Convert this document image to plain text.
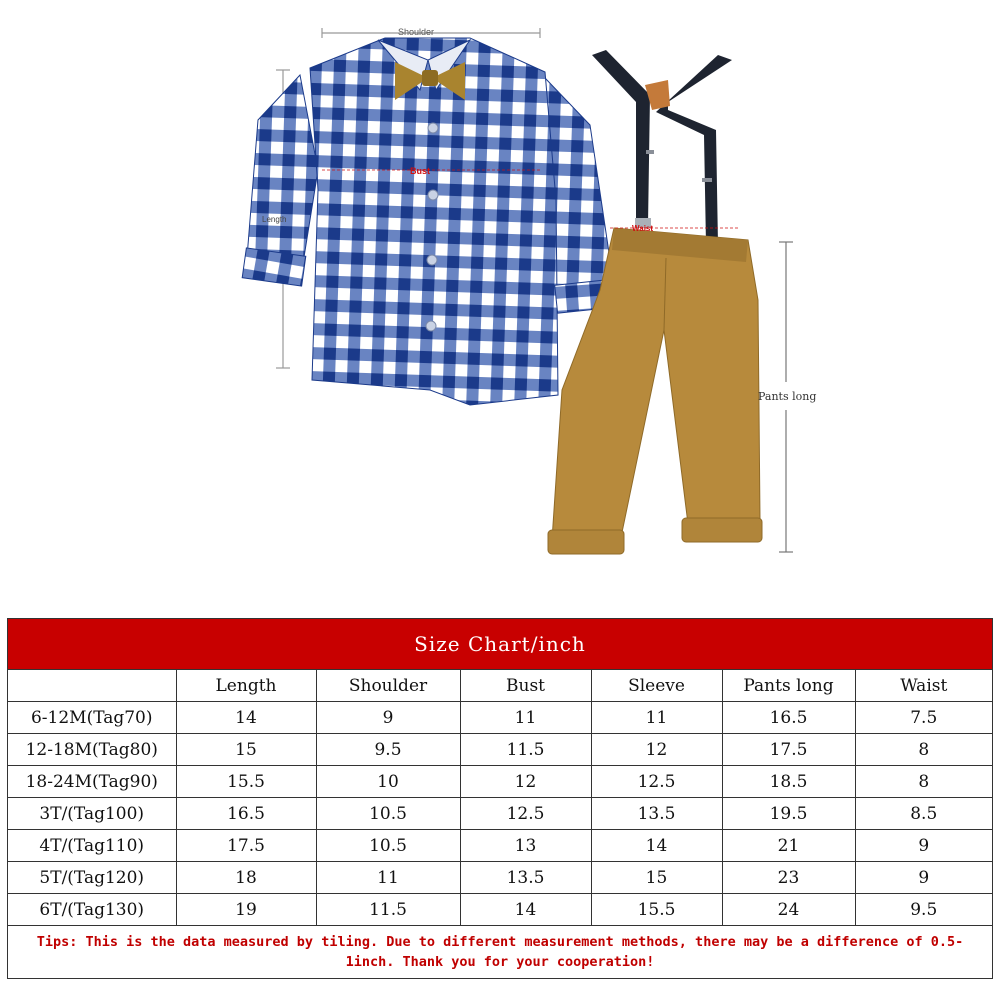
Bust
Length
Shoulder
Waist
Pants long
Size Chart/inch
	Length	Shoulder	Bust	Sleeve	Pants long	Waist
6-12M(Tag70)	14	9	11	11	16.5	7.5
12-18M(Tag80)	15	9.5	11.5	12	17.5	8
18-24M(Tag90)	15.5	10	12	12.5	18.5	8
3T/(Tag100)	16.5	10.5	12.5	13.5	19.5	8.5
4T/(Tag110)	17.5	10.5	13	14	21	9
5T/(Tag120)	18	11	13.5	15	23	9
6T/(Tag130)	19	11.5	14	15.5	24	9.5
Tips: This is the data measured by tiling. Due to different measurement methods, there may be a difference of 0.5-1inch. Thank you for your cooperation!
